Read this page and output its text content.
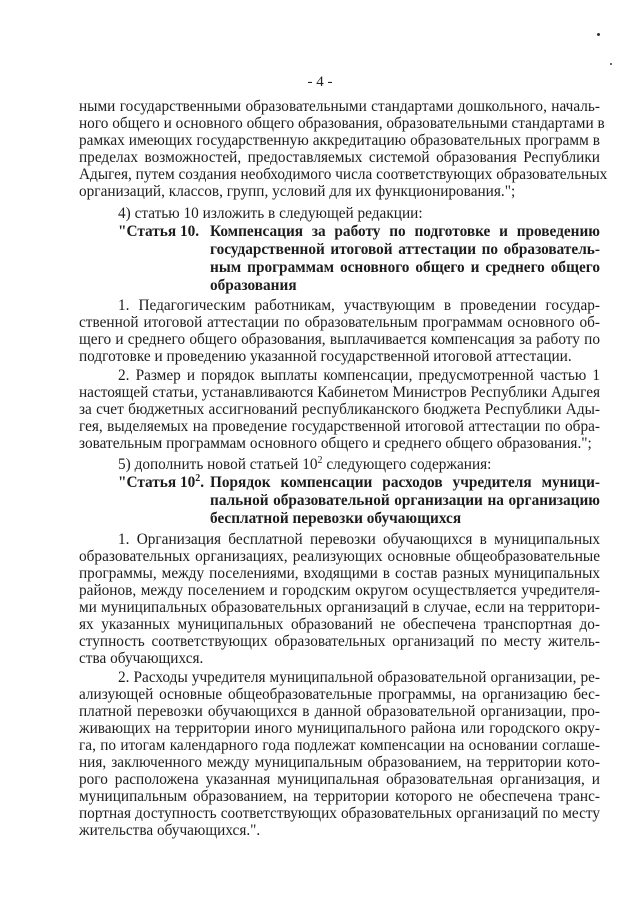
- 4 -
ными государственными образовательными стандартами дошкольного, началь-
ного общего и основного общего образования, образовательными стандартами в
рамках имеющих государственную аккредитацию образовательных программ в
пределах возможностей, предоставляемых системой образования Республики
Адыгея, путем создания необходимого числа соответствующих образовательных
организаций, классов, групп, условий для их функционирования.";
4) статью 10 изложить в следующей редакции:
"Статья 10. Компенсация за работу по подготовке и проведению
государственной итоговой аттестации по образователь-
ным программам основного общего и среднего общего
образования
1. Педагогическим работникам, участвующим в проведении государ-
ственной итоговой аттестации по образовательным программам основного об-
щего и среднего общего образования, выплачивается компенсация за работу по
подготовке и проведению указанной государственной итоговой аттестации.
2. Размер и порядок выплаты компенсации, предусмотренной частью 1
настоящей статьи, устанавливаются Кабинетом Министров Республики Адыгея
за счет бюджетных ассигнований республиканского бюджета Республики Ады-
гея, выделяемых на проведение государственной итоговой аттестации по обра-
зовательным программам основного общего и среднего общего образования.";
5) дополнить новой статьей $10^2$ следующего содержания:
"Статья $10^2$. Порядок компенсации расходов учредителя муници-
пальной образовательной организации на организацию
бесплатной перевозки обучающихся
1. Организация бесплатной перевозки обучающихся в муниципальных
образовательных организациях, реализующих основные общеобразовательные
программы, между поселениями, входящими в состав разных муниципальных
районов, между поселением и городским округом осуществляется учредителя-
ми муниципальных образовательных организаций в случае, если на территори-
ях указанных муниципальных образований не обеспечена транспортная до-
ступность соответствующих образовательных организаций по месту житель-
ства обучающихся.
2. Расходы учредителя муниципальной образовательной организации, ре-
ализующей основные общеобразовательные программы, на организацию бес-
платной перевозки обучающихся в данной образовательной организации, про-
живающих на территории иного муниципального района или городского окру-
га, по итогам календарного года подлежат компенсации на основании соглаше-
ния, заключенного между муниципальным образованием, на территории кото-
рого расположена указанная муниципальная образовательная организация, и
муниципальным образованием, на территории которого не обеспечена транс-
портная доступность соответствующих образовательных организаций по месту
жительства обучающихся.".
